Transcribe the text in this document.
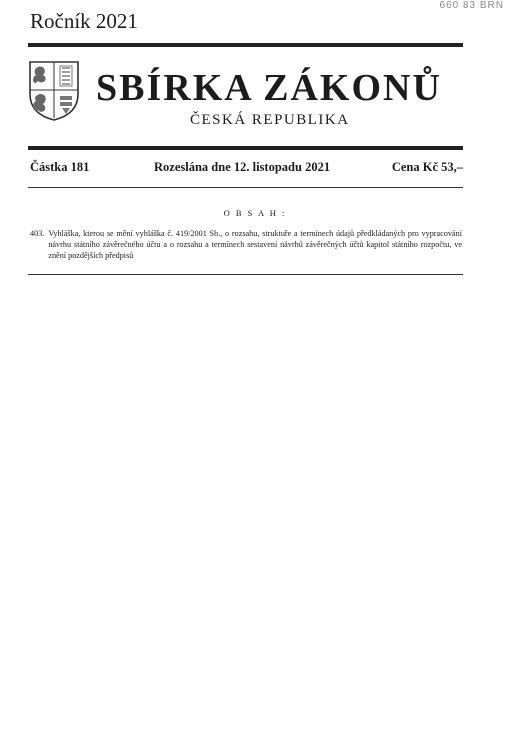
660 83 BRN
Ročník 2021
SBÍRKA ZÁKONŮ
ČESKÁ REPUBLIKA
Částka 181	Rozeslána dne 12. listopadu 2021	Cena Kč 53,–
O B S A H :
403. Vyhláška, kterou se mění vyhláška č. 419/2001 Sb., o rozsahu, struktuře a termínech údajů předkládaných pro vypracování návrhu státního závěrečného účtu a o rozsahu a termínech sestavení návrhů závěrečných účtů kapitol státního rozpočtu, ve znění pozdějších předpisů
